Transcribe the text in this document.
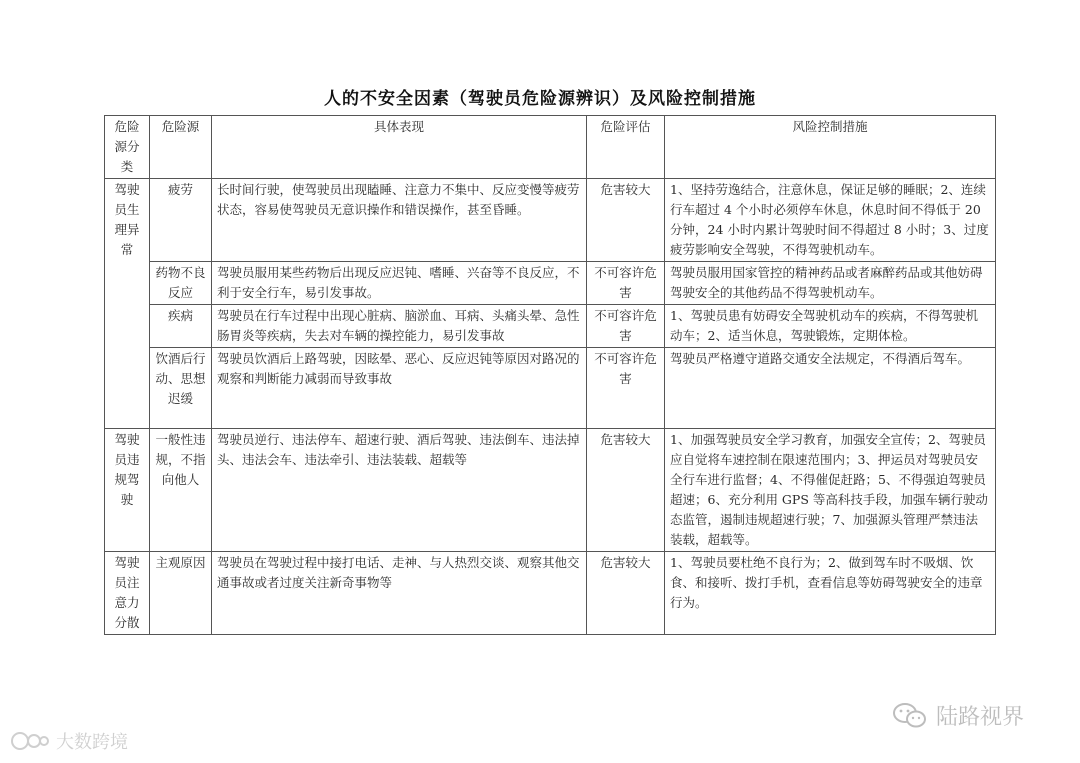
人的不安全因素（驾驶员危险源辨识）及风险控制措施
危险源分类	危险源	具体表现	危险评估	风险控制措施
驾驶员生理异常	疲劳	长时间行驶，使驾驶员出现瞌睡、注意力不集中、反应变慢等疲劳状态，容易使驾驶员无意识操作和错误操作，甚至昏睡。	危害较大	1、坚持劳逸结合，注意休息，保证足够的睡眠；2、连续行车超过 4 个小时必须停车休息，休息时间不得低于 20 分钟，24 小时内累计驾驶时间不得超过 8 小时；3、过度疲劳影响安全驾驶，不得驾驶机动车。
	药物不良反应	驾驶员服用某些药物后出现反应迟钝、嗜睡、兴奋等不良反应，不利于安全行车，易引发事故。	不可容许危害	驾驶员服用国家管控的精神药品或者麻醉药品或其他妨碍驾驶安全的其他药品不得驾驶机动车。
	疾病	驾驶员在行车过程中出现心脏病、脑淤血、耳病、头痛头晕、急性肠胃炎等疾病，失去对车辆的操控能力，易引发事故	不可容许危害	1、驾驶员患有妨碍安全驾驶机动车的疾病，不得驾驶机动车；2、适当休息，驾驶锻炼，定期体检。
	饮酒后行动、思想迟缓	驾驶员饮酒后上路驾驶，因眩晕、恶心、反应迟钝等原因对路况的观察和判断能力减弱而导致事故	不可容许危害	驾驶员严格遵守道路交通安全法规定，不得酒后驾车。
驾驶员违规驾驶	一般性违规，不指向他人	驾驶员逆行、违法停车、超速行驶、酒后驾驶、违法倒车、违法掉头、违法会车、违法牵引、违法装载、超载等	危害较大	1、加强驾驶员安全学习教育，加强安全宣传；2、驾驶员应自觉将车速控制在限速范围内；3、押运员对驾驶员安全行车进行监督；4、不得催促赶路；5、不得强迫驾驶员超速；6、充分利用 GPS 等高科技手段，加强车辆行驶动态监管，遏制违规超速行驶；7、加强源头管理严禁违法装载，超载等。
驾驶员注意力分散	主观原因	驾驶员在驾驶过程中接打电话、走神、与人热烈交谈、观察其他交通事故或者过度关注新奇事物等	危害较大	1、驾驶员要杜绝不良行为；2、做到驾车时不吸烟、饮食、和接听、拨打手机，查看信息等妨碍驾驶安全的违章行为。
大数跨境
陆路视界
